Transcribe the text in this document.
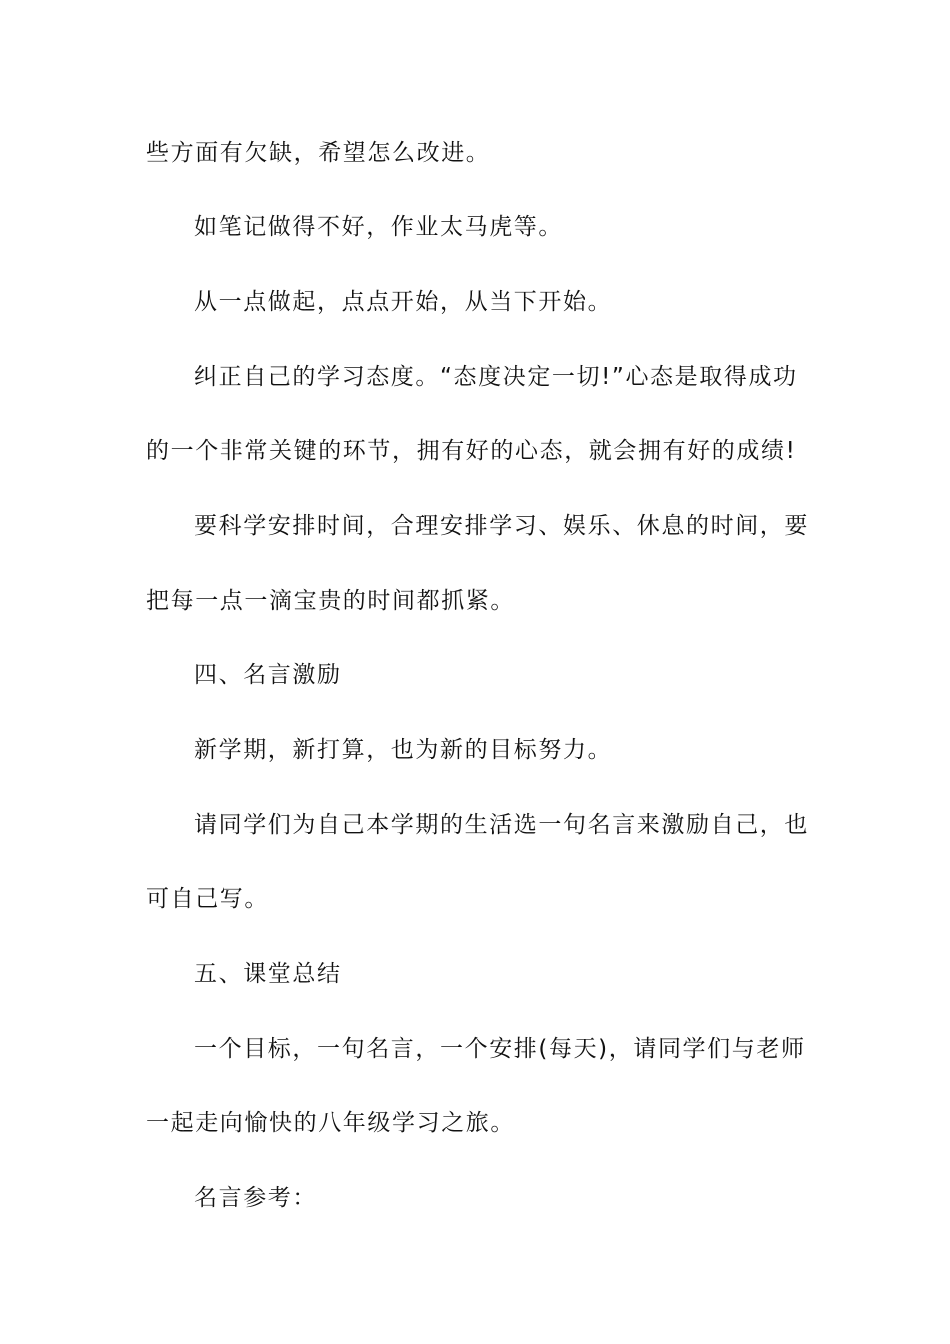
些方面有欠缺，希望怎么改进。
如笔记做得不好，作业太马虎等。
从一点做起，点点开始，从当下开始。
纠正自己的学习态度。“态度决定一切!”心态是取得成功
的一个非常关键的环节，拥有好的心态，就会拥有好的成绩!
要科学安排时间，合理安排学习、娱乐、休息的时间，要
把每一点一滴宝贵的时间都抓紧。
四、名言激励
新学期，新打算，也为新的目标努力。
请同学们为自己本学期的生活选一句名言来激励自己，也
可自己写。
五、课堂总结
一个目标，一句名言，一个安排(每天)，请同学们与老师
一起走向愉快的八年级学习之旅。
名言参考：
